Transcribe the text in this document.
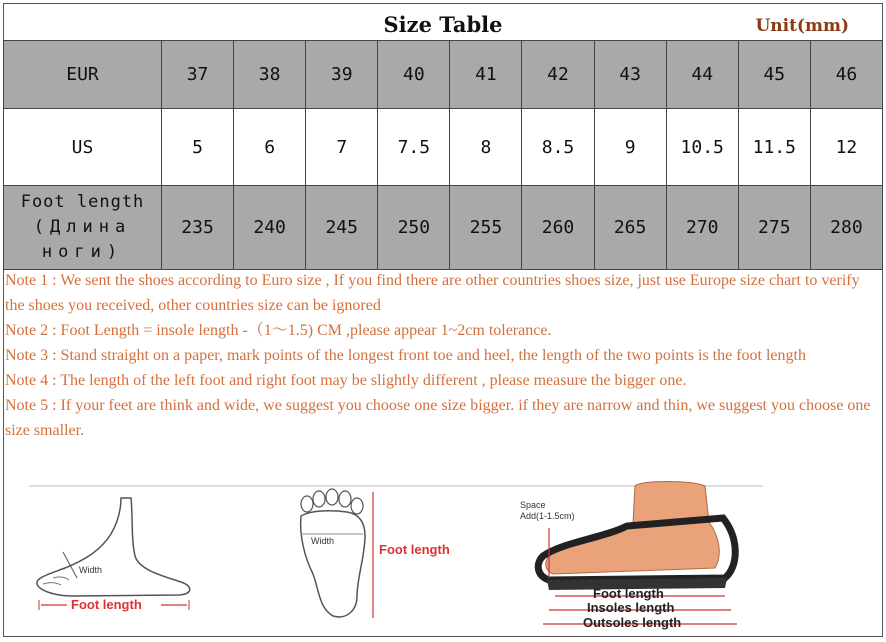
Size Table	Unit(mm)
EUR	37	38	39	40	41	42	43	44	45	46
US	5	6	7	7.5	8	8.5	9	10.5	11.5	12

Foot length
(Длина
ноги)	235	240	245	250	255	260	265	270	275	280

Note 1 : We sent the shoes according to Euro size , If you find there are other countries shoes size, just use Europe size chart to verify the shoes you received, other countries size can be ignored

Note 2 : Foot Length = insole length -（1～1.5) CM ,please appear 1~2cm tolerance.

Note 3 : Stand straight on a paper, mark points of the longest front toe and heel, the length of the two points is the foot length

Note 4 : The length of the left foot and right foot may be slightly different , please measure the bigger one.

Note 5 : If your feet are think and wide, we suggest you choose one size bigger. if they are narrow and thin, we suggest you choose one size smaller.

Width
Foot length
Width
Foot length
Space
Add(1-1.5cm)
Foot length
Insoles length
Outsoles length
